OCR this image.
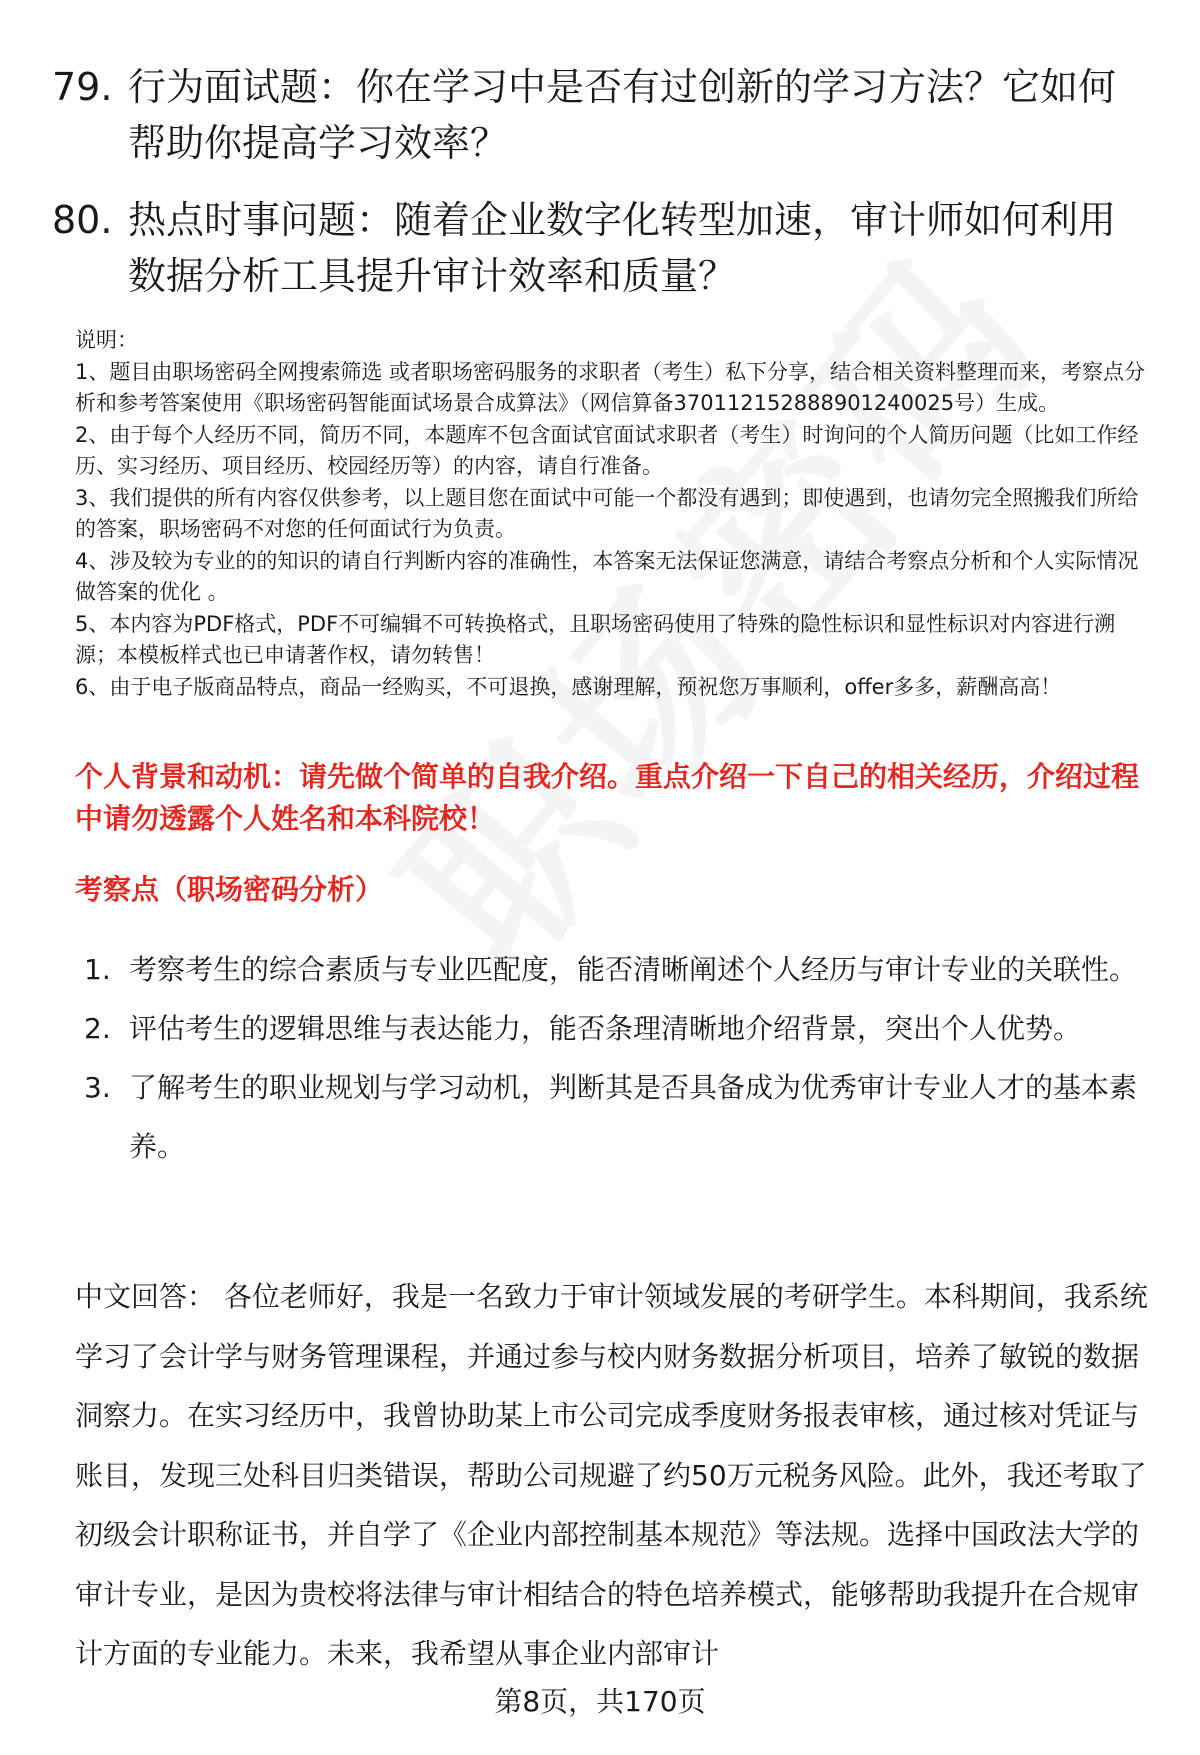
79. 行为面试题：你在学习中是否有过创新的学习方法？它如何帮助你提高学习效率？
80. 热点时事问题：随着企业数字化转型加速，审计师如何利用数据分析工具提升审计效率和质量？
说明：
1、题目由职场密码全网搜索筛选 或者职场密码服务的求职者（考生）私下分享，结合相关资料整理而来，考察点分析和参考答案使用《职场密码智能面试场景合成算法》（网信算备370112152888901240025号）生成。
2、由于每个人经历不同，简历不同，本题库不包含面试官面试求职者（考生）时询问的个人简历问题（比如工作经历、实习经历、项目经历、校园经历等）的内容，请自行准备。
3、我们提供的所有内容仅供参考，以上题目您在面试中可能一个都没有遇到；即使遇到，也请勿完全照搬我们所给的答案，职场密码不对您的任何面试行为负责。
4、涉及较为专业的的知识的请自行判断内容的准确性，本答案无法保证您满意，请结合考察点分析和个人实际情况做答案的优化 。
5、本内容为PDF格式，PDF不可编辑不可转换格式，且职场密码使用了特殊的隐性标识和显性标识对内容进行溯源；本模板样式也已申请著作权，请勿转售！
6、由于电子版商品特点，商品一经购买，不可退换，感谢理解，预祝您万事顺利，offer多多，薪酬高高！
个人背景和动机：请先做个简单的自我介绍。重点介绍一下自己的相关经历，介绍过程中请勿透露个人姓名和本科院校！
考察点（职场密码分析）
1. 考察考生的综合素质与专业匹配度，能否清晰阐述个人经历与审计专业的关联性。
2. 评估考生的逻辑思维与表达能力，能否条理清晰地介绍背景，突出个人优势。
3. 了解考生的职业规划与学习动机，判断其是否具备成为优秀审计专业人才的基本素养。
中文回答： 各位老师好，我是一名致力于审计领域发展的考研学生。本科期间，我系统学习了会计学与财务管理课程，并通过参与校内财务数据分析项目，培养了敏锐的数据洞察力。在实习经历中，我曾协助某上市公司完成季度财务报表审核，通过核对凭证与账目，发现三处科目归类错误，帮助公司规避了约50万元税务风险。此外，我还考取了初级会计职称证书，并自学了《企业内部控制基本规范》等法规。选择中国政法大学的审计专业，是因为贵校将法律与审计相结合的特色培养模式，能够帮助我提升在合规审计方面的专业能力。未来，我希望从事企业内部审计
第8页，共170页
